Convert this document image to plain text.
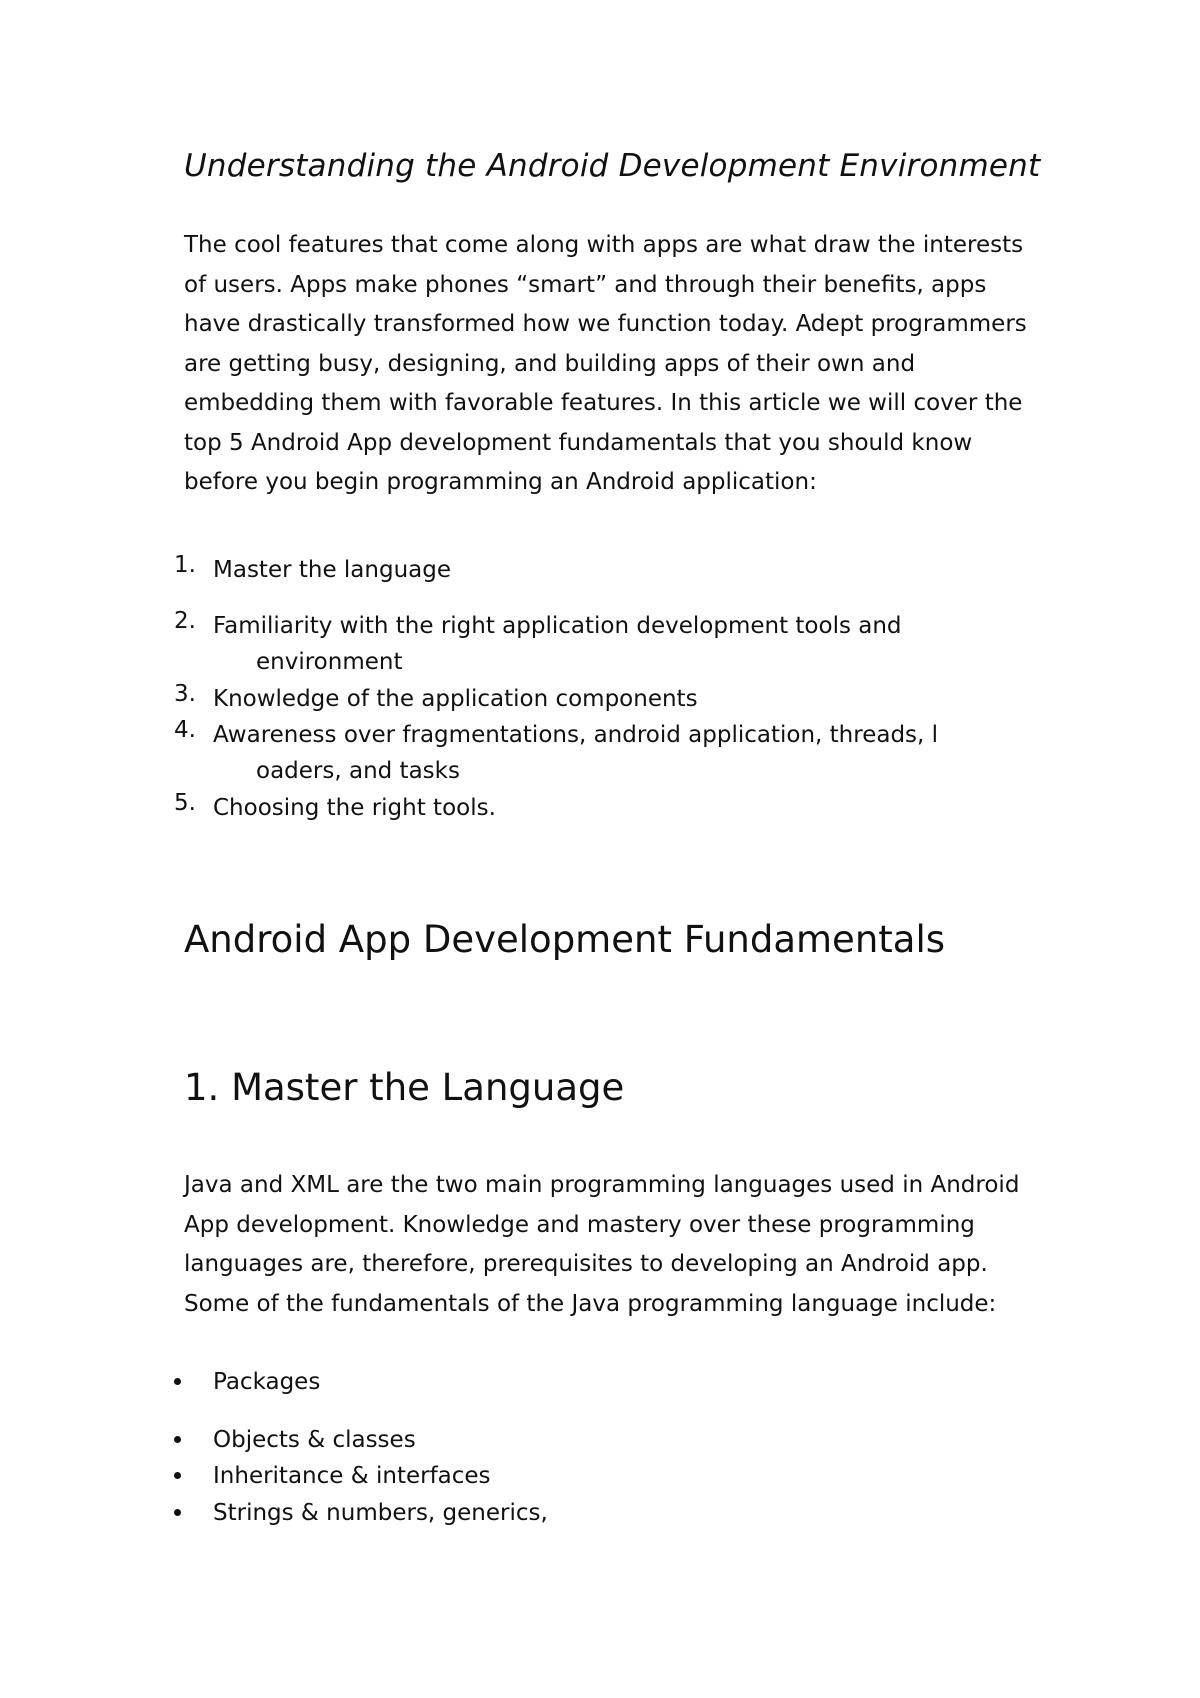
Understanding the Android Development Environment

The cool features that come along with apps are what draw the interests of users. Apps make phones “smart” and through their benefits, apps have drastically transformed how we function today. Adept programmers are getting busy, designing, and building apps of their own and embedding them with favorable features. In this article we will cover the top 5 Android App development fundamentals that you should know before you begin programming an Android application:

1. Master the language
2. Familiarity with the right application development tools and
environment
3. Knowledge of the application components
4. Awareness over fragmentations, android application, threads, l
oaders, and tasks
5. Choosing the right tools.
Android App Development Fundamentals
1. Master the Language

Java and XML are the two main programming languages used in Android App development. Knowledge and mastery over these programming languages are, therefore, prerequisites to developing an Android app. Some of the fundamentals of the Java programming language include:

Packages
Objects & classes
Inheritance & interfaces
Strings & numbers, generics,
